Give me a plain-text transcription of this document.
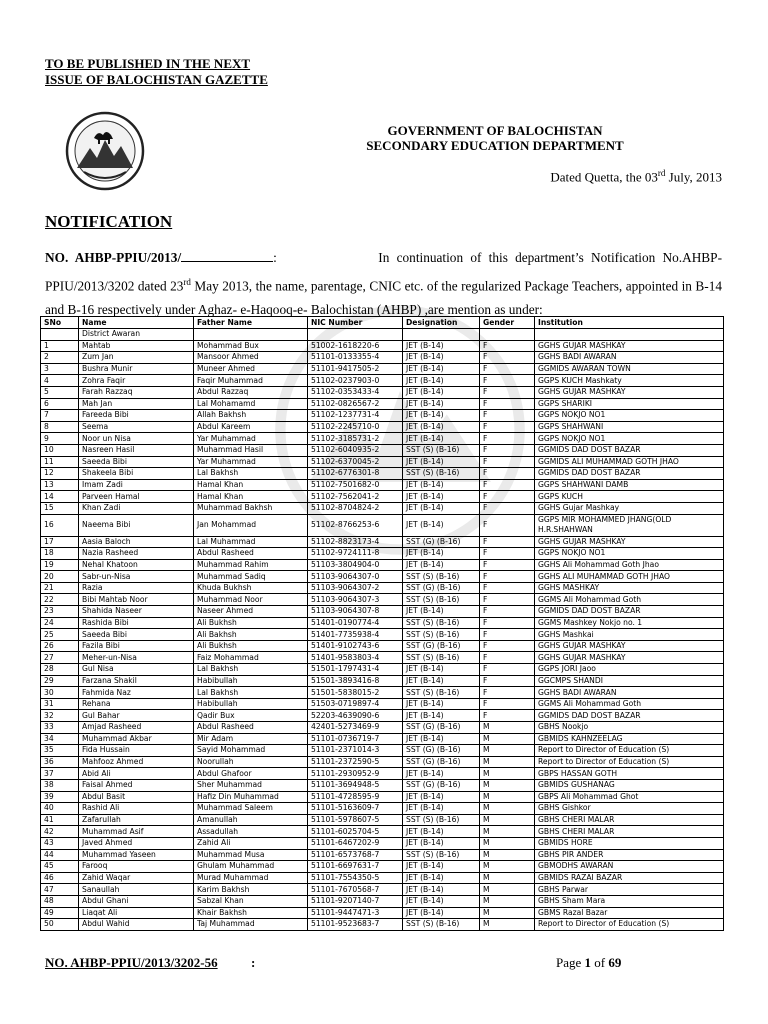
TO BE PUBLISHED IN THE NEXT
ISSUE OF BALOCHISTAN GAZETTE
GOVERNMENT OF BALOCHISTAN
SECONDARY EDUCATION DEPARTMENT
Dated Quetta, the 03rd July, 2013
NOTIFICATION
NO. AHBP-PPIU/2013/	:	In continuation of this department’s Notification No.AHBP-PPIU/2013/3202 dated 23rd May 2013, the name, parentage, CNIC etc. of the regularized Package Teachers, appointed in B-14 and B-16 respectively under Aghaz- e-Haqooq-e- Balochistan (AHBP) ,are mention as under:
SNo	Name	Father Name	NIC Number	Designation	Gender	Institution
	District Awaran					
1	Mahtab	Mohammad Bux	51002-1618220-6	JET (B-14)	F	GGHS GUJAR MASHKAY
2	Zum Jan	Mansoor Ahmed	51101-0133355-4	JET (B-14)	F	GGHS BADI AWARAN
3	Bushra Munir	Muneer Ahmed	51101-9417505-2	JET (B-14)	F	GGMIDS AWARAN TOWN
4	Zohra Faqir	Faqir Muhammad	51102-0237903-0	JET (B-14)	F	GGPS KUCH Mashkaty
5	Farah Razzaq	Abdul Razzaq	51102-0353433-4	JET (B-14)	F	GGHS GUJAR MASHKAY
6	Mah Jan	Lal Mohamamd	51102-0826567-2	JET (B-14)	F	GGPS SHARIKI
7	Fareeda Bibi	Allah Bakhsh	51102-1237731-4	JET (B-14)	F	GGPS NOKJO NO1
8	Seema	Abdul Kareem	51102-2245710-0	JET (B-14)	F	GGPS SHAHWANI
9	Noor un Nisa	Yar Muhammad	51102-3185731-2	JET (B-14)	F	GGPS NOKJO NO1
10	Nasreen Hasil	Muhammad Hasil	51102-6040935-2	SST (S) (B-16)	F	GGMIDS DAD DOST BAZAR
11	Saeeda Bibi	Yar Muhammad	51102-6370045-2	JET (B-14)	F	GGMIDS ALI MUHAMMAD GOTH JHAO
12	Shakeela Bibi	Lal Bakhsh	51102-6776301-8	SST (S) (B-16)	F	GGMIDS DAD DOST BAZAR
13	Imam Zadi	Hamal Khan	51102-7501682-0	JET (B-14)	F	GGPS SHAHWANI DAMB
14	Parveen Hamal	Hamal Khan	51102-7562041-2	JET (B-14)	F	GGPS KUCH
15	Khan Zadi	Muhammad Bakhsh	51102-8704824-2	JET (B-14)	F	GGHS Gujar Mashkay
16	Naeema Bibi	Jan Mohammad	51102-8766253-6	JET (B-14)	F	GGPS MIR MOHAMMED JHANG(OLD H.R.SHAHWAN
17	Aasia Baloch	Lal Muhammad	51102-8823173-4	SST (G) (B-16)	F	GGHS GUJAR MASHKAY
18	Nazia Rasheed	Abdul Rasheed	51102-9724111-8	JET (B-14)	F	GGPS NOKJO NO1
19	Nehal Khatoon	Muhammad Rahim	51103-3804904-0	JET (B-14)	F	GGHS Ali Mohammad Goth Jhao
20	Sabr-un-Nisa	Muhammad Sadiq	51103-9064307-0	SST (S) (B-16)	F	GGHS ALI MUHAMMAD GOTH JHAO
21	Razia	Khuda Bukhsh	51103-9064307-2	SST (G) (B-16)	F	GGHS MASHKAY
22	Bibi Mahtab Noor	Muhammad Noor	51103-9064307-3	SST (S) (B-16)	F	GGMS Ali Mohammad Goth
23	Shahida Naseer	Naseer Ahmed	51103-9064307-8	JET (B-14)	F	GGMIDS DAD DOST BAZAR
24	Rashida Bibi	Ali Bukhsh	51401-0190774-4	SST (S) (B-16)	F	GGMS Mashkey Nokjo no. 1
25	Saeeda Bibi	Ali Bakhsh	51401-7735938-4	SST (S) (B-16)	F	GGHS Mashkai
26	Fazila Bibi	Ali Bukhsh	51401-9102743-6	SST (G) (B-16)	F	GGHS GUJAR MASHKAY
27	Meher-un-Nisa	Faiz Mohammad	51401-9583803-4	SST (S) (B-16)	F	GGHS GUJAR MASHKAY
28	Gul Nisa	Lal Bakhsh	51501-1797431-4	JET (B-14)	F	GGPS JORI Jaoo
29	Farzana Shakil	Habibullah	51501-3893416-8	JET (B-14)	F	GGCMPS SHANDI
30	Fahmida Naz	Lal Bakhsh	51501-5838015-2	SST (S) (B-16)	F	GGHS BADI AWARAN
31	Rehana	Habibullah	51503-0719897-4	JET (B-14)	F	GGMS Ali Mohammad Goth
32	Gul Bahar	Qadir Bux	52203-4639090-6	JET (B-14)	F	GGMIDS DAD DOST BAZAR
33	Amjad Rasheed	Abdul Rasheed	42401-5273469-9	SST (G) (B-16)	M	GBHS Nookjo
34	Muhammad Akbar	Mir Adam	51101-0736719-7	JET (B-14)	M	GBMIDS KAHNZEELAG
35	Fida Hussain	Sayid Mohammad	51101-2371014-3	SST (G) (B-16)	M	Report to Director of Education (S)
36	Mahfooz Ahmed	Noorullah	51101-2372590-5	SST (G) (B-16)	M	Report to Director of Education (S)
37	Abid Ali	Abdul Ghafoor	51101-2930952-9	JET (B-14)	M	GBPS HASSAN GOTH
38	Faisal Ahmed	Sher Muhammad	51101-3694948-5	SST (G) (B-16)	M	GBMIDS GUSHANAG
39	Abdul Basit	Hafiz Din Muhammad	51101-4728595-9	JET (B-14)	M	GBPS Ali Mohammad Ghot
40	Rashid Ali	Muhammad Saleem	51101-5163609-7	JET (B-14)	M	GBHS Gishkor
41	Zafarullah	Amanullah	51101-5978607-5	SST (S) (B-16)	M	GBHS CHERI MALAR
42	Muhammad Asif	Assadullah	51101-6025704-5	JET (B-14)	M	GBHS CHERI MALAR
43	Javed Ahmed	Zahid Ali	51101-6467202-9	JET (B-14)	M	GBMIDS HORE
44	Muhammad Yaseen	Muhammad Musa	51101-6573768-7	SST (S) (B-16)	M	GBHS PIR ANDER
45	Farooq	Ghulam Muhammad	51101-6697631-7	JET (B-14)	M	GBMODHS AWARAN
46	Zahid Waqar	Murad Muhammad	51101-7554350-5	JET (B-14)	M	GBMIDS RAZAI BAZAR
47	Sanaullah	Karim Bakhsh	51101-7670568-7	JET (B-14)	M	GBHS Parwar
48	Abdul Ghani	Sabzal Khan	51101-9207140-7	JET (B-14)	M	GBHS Sham Mara
49	Liaqat Ali	Khair Bakhsh	51101-9447471-3	JET (B-14)	M	GBMS Razal Bazar
50	Abdul Wahid	Taj Muhammad	51101-9523683-7	SST (S) (B-16)	M	Report to Director of Education (S)
NO. AHBP-PPIU/2013/3202-56	:	Page 1 of 69
